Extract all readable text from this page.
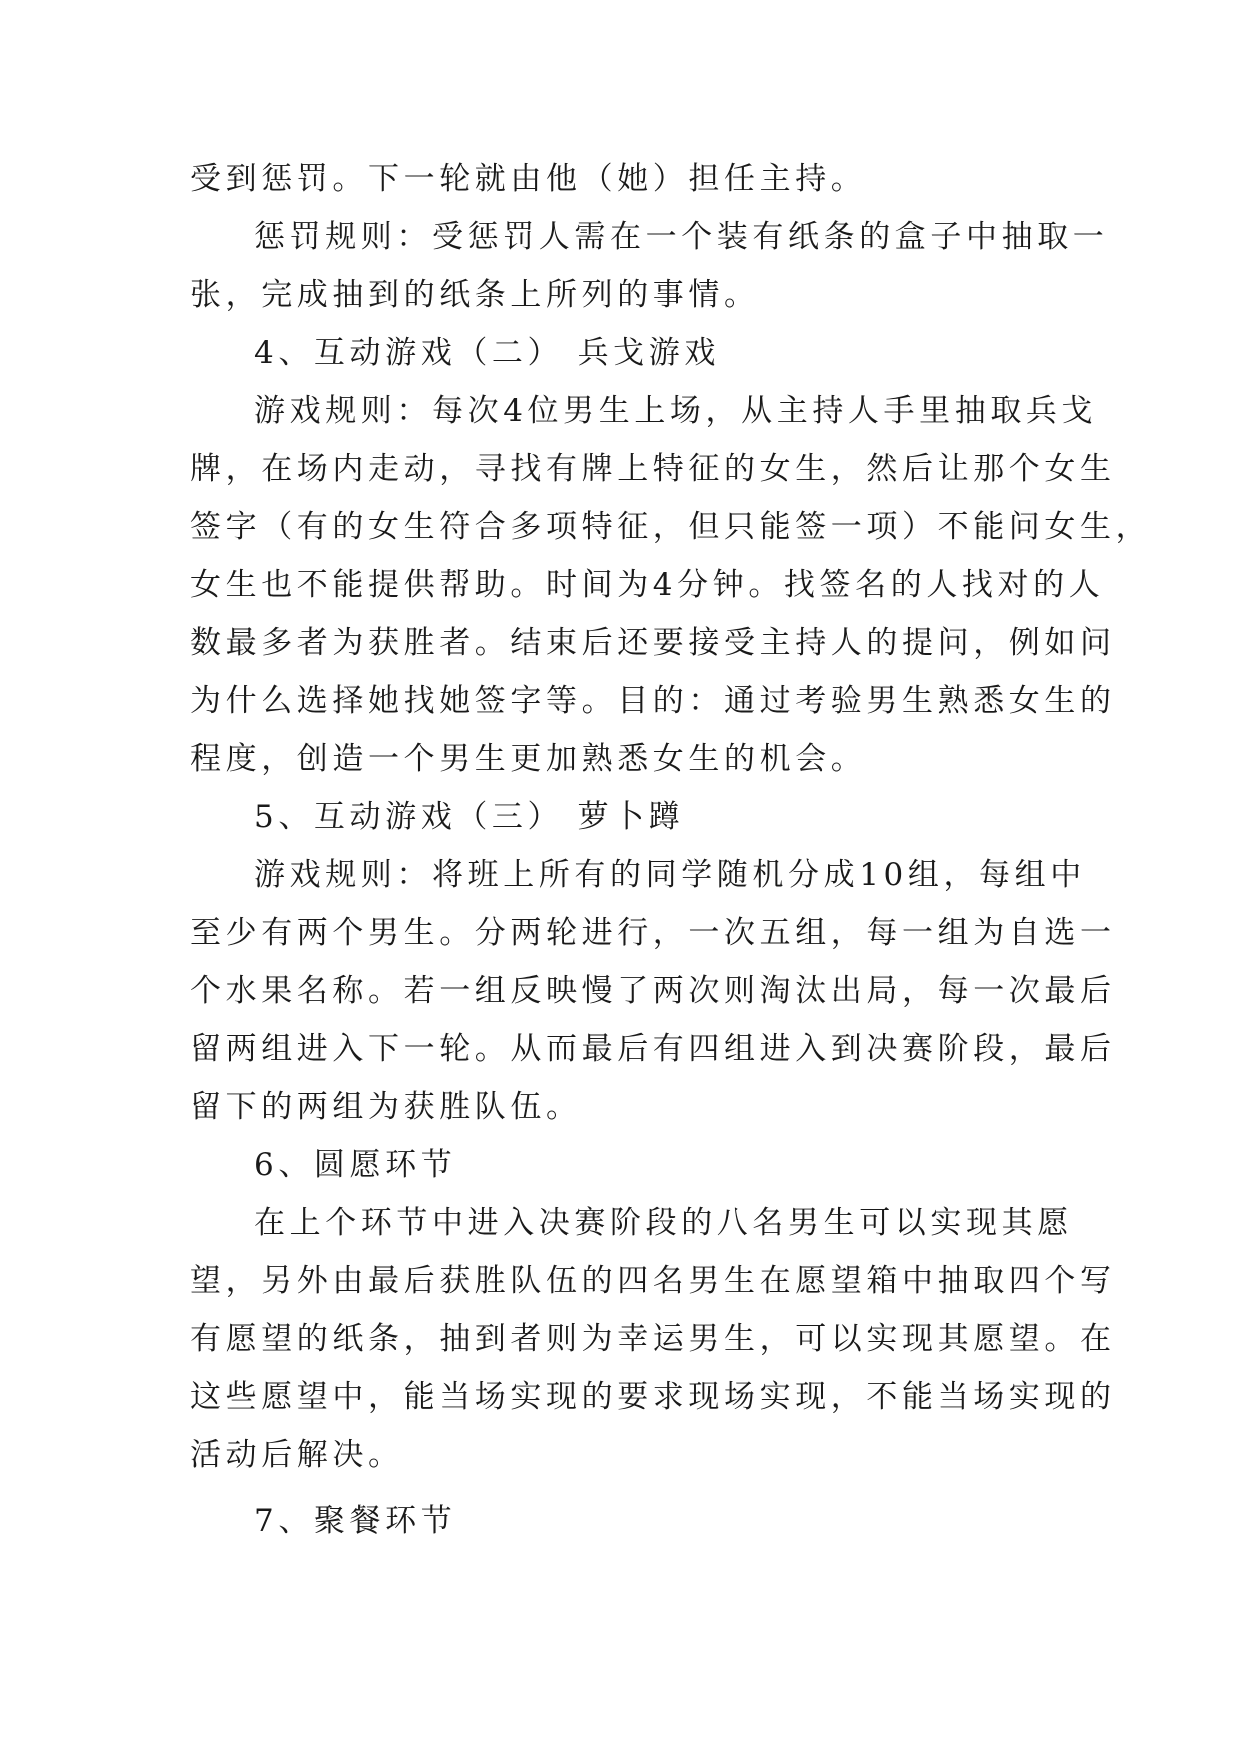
受到惩罚。下一轮就由他（她）担任主持。
惩罚规则：受惩罚人需在一个装有纸条的盒子中抽取一
张，完成抽到的纸条上所列的事情。
4、互动游戏（二） 兵戈游戏
游戏规则：每次4位男生上场，从主持人手里抽取兵戈
牌，在场内走动，寻找有牌上特征的女生，然后让那个女生
签字（有的女生符合多项特征，但只能签一项）不能问女生，
女生也不能提供帮助。时间为4分钟。找签名的人找对的人
数最多者为获胜者。结束后还要接受主持人的提问，例如问
为什么选择她找她签字等。目的：通过考验男生熟悉女生的
程度，创造一个男生更加熟悉女生的机会。
5、互动游戏（三） 萝卜蹲
游戏规则：将班上所有的同学随机分成10组，每组中
至少有两个男生。分两轮进行，一次五组，每一组为自选一
个水果名称。若一组反映慢了两次则淘汰出局，每一次最后
留两组进入下一轮。从而最后有四组进入到决赛阶段，最后
留下的两组为获胜队伍。
6、圆愿环节
在上个环节中进入决赛阶段的八名男生可以实现其愿
望，另外由最后获胜队伍的四名男生在愿望箱中抽取四个写
有愿望的纸条，抽到者则为幸运男生，可以实现其愿望。在
这些愿望中，能当场实现的要求现场实现，不能当场实现的
活动后解决。
7、聚餐环节
